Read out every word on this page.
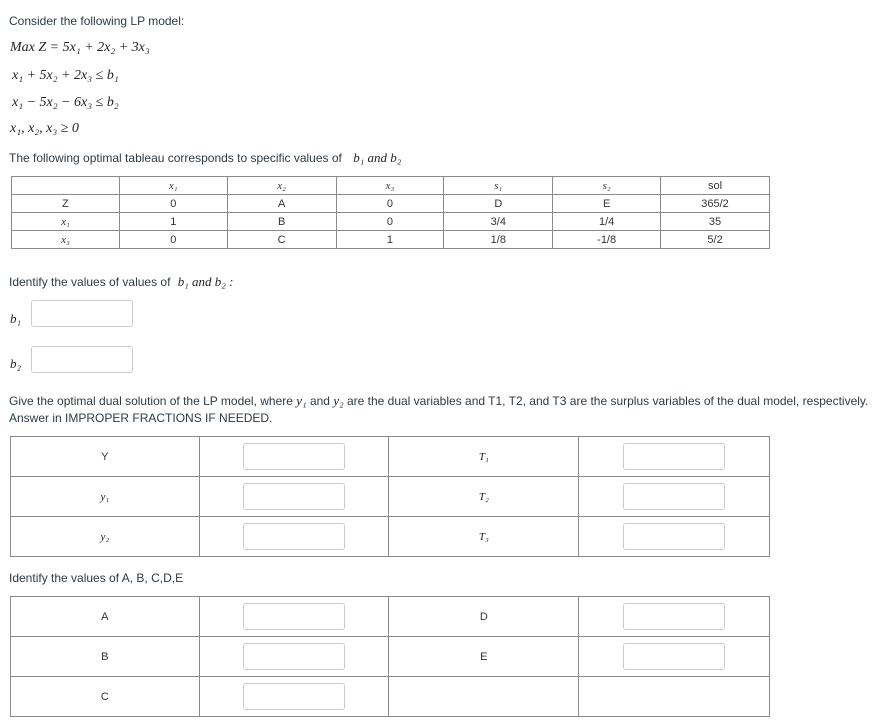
Consider the following LP model:
Max Z = 5x₁ + 2x₂ + 3x₃
x₁ + 5x₂ + 2x₃ ≤ b₁
x₁ − 5x₂ − 6x₃ ≤ b₂
x₁, x₂, x₃ ≥ 0
The following optimal tableau corresponds to specific values of b₁ and b₂
	x₁	x₂	x₃	s₁	s₂	sol
Z	0	A	0	D	E	365/2
x₁	1	B	0	3/4	1/4	35
x₃	0	C	1	1/8	-1/8	5/2
Identify the values of values of b₁ and b₂ :
b₁
b₂
Give the optimal dual solution of the LP model, where y₁ and y₂ are the dual variables and T1, T2, and T3 are the surplus variables of the dual model, respectively.
Answer in IMPROPER FRACTIONS IF NEEDED.
Y		T₁	

y₁		T₂	

y₂		T₃	
Identify the values of A, B, C,D,E
A		D	

B		E	

C	
